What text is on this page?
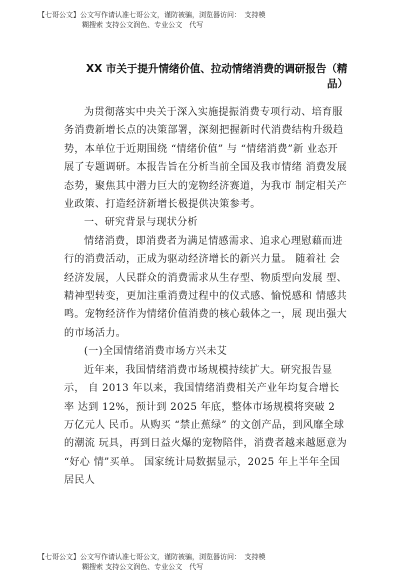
【七哥公文】公文写作请认准七哥公文，谨防被骗，浏览器访问：　支持模
糊搜索 支持公文润色、专业公文　代写
XX 市关于提升情绪价值、拉动情绪消费的调研报告（精
品）

为贯彻落实中央关于深入实施提振消费专项行动、培育服务消费新增长点的决策部署，深刻把握新时代消费结构升级趋势，本单位于近期围绕 “情绪价值” 与 “情绪消费”新 业态开展了专题调研。本报告旨在分析当前全国及我市情绪 消费发展态势，聚焦其中潜力巨大的宠物经济赛道，为我市 制定相关产业政策、打造经济新增长极提供决策参考。

一、研究背景与现状分析

情绪消费，即消费者为满足情感需求、追求心理慰藉而进行的消费活动，正成为驱动经济增长的新兴力量。 随着社 会经济发展，人民群众的消费需求从生存型、物质型向发展 型、精神型转变，更加注重消费过程中的仪式感、愉悦感和 情感共鸣。宠物经济作为情绪价值消费的核心载体之一，展 现出强大的市场活力。

(一)全国情绪消费市场方兴未艾

近年来，我国情绪消费市场规模持续扩大。研究报告显示， 自 2013 年以来，我国情绪消费相关产业年均复合增长率 达到 12%，预计到 2025 年底，整体市场规模将突破 2 万亿元人 民币。从购买 “禁止蕉绿” 的文创产品，到风靡全球的潮流 玩具，再到日益火爆的宠物陪伴，消费者越来越愿意为 “好心 情”买单。 国家统计局数据显示，2025 年上半年全国居民人

【七哥公文】公文写作请认准七哥公文，谨防被骗，浏览器访问：　支持模
糊搜索 支持公文润色、专业公文　代写
